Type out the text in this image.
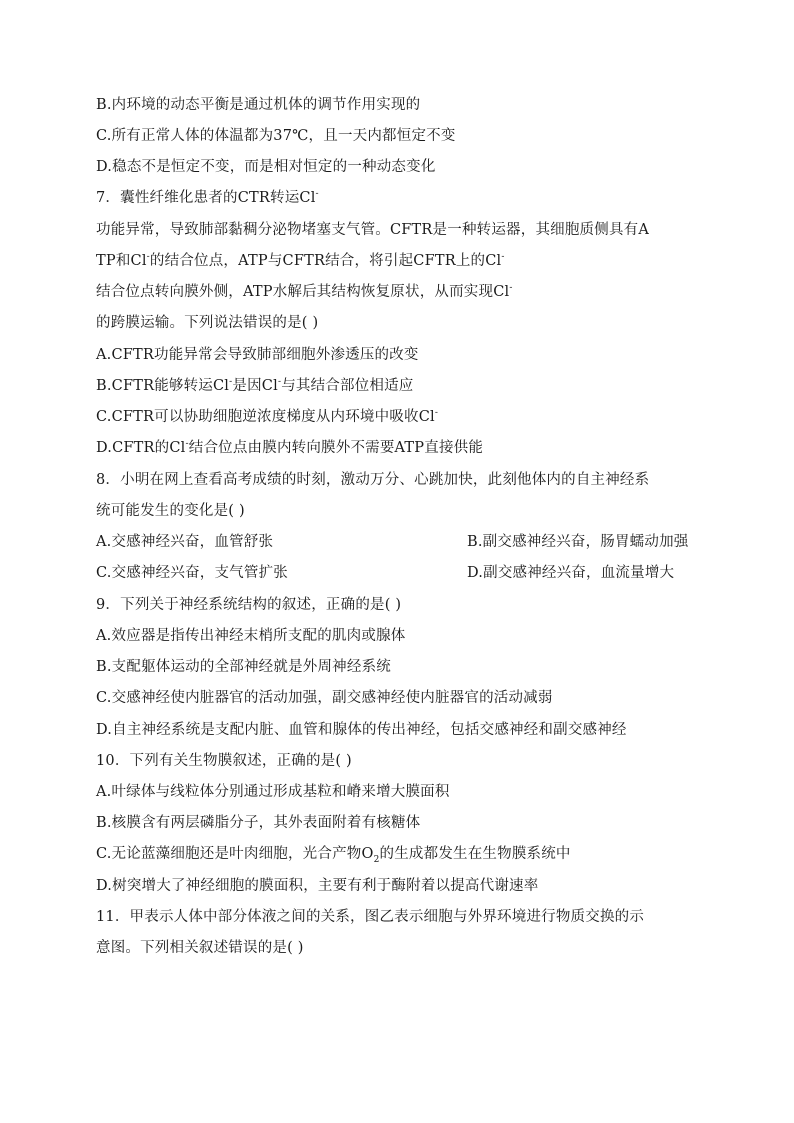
B.内环境的动态平衡是通过机体的调节作用实现的
C.所有正常人体的体温都为37℃，且一天内都恒定不变
D.稳态不是恒定不变，而是相对恒定的一种动态变化
7．囊性纤维化患者的CTR转运Cl-
功能异常，导致肺部黏稠分泌物堵塞支气管。CFTR是一种转运器，其细胞质侧具有A
TP和Cl-的结合位点，ATP与CFTR结合，将引起CFTR上的Cl-
结合位点转向膜外侧，ATP水解后其结构恢复原状，从而实现Cl-
的跨膜运输。下列说法错误的是( )
A.CFTR功能异常会导致肺部细胞外渗透压的改变
B.CFTR能够转运Cl-是因Cl-与其结合部位相适应
C.CFTR可以协助细胞逆浓度梯度从内环境中吸收Cl-
D.CFTR的Cl-结合位点由膜内转向膜外不需要ATP直接供能
8．小明在网上查看高考成绩的时刻，激动万分、心跳加快，此刻他体内的自主神经系
统可能发生的变化是( )
A.交感神经兴奋，血管舒张	B.副交感神经兴奋，肠胃蠕动加强
C.交感神经兴奋，支气管扩张	D.副交感神经兴奋，血流量增大
9．下列关于神经系统结构的叙述，正确的是( )
A.效应器是指传出神经末梢所支配的肌肉或腺体
B.支配躯体运动的全部神经就是外周神经系统
C.交感神经使内脏器官的活动加强，副交感神经使内脏器官的活动减弱
D.自主神经系统是支配内脏、血管和腺体的传出神经，包括交感神经和副交感神经
10．下列有关生物膜叙述，正确的是( )
A.叶绿体与线粒体分别通过形成基粒和嵴来增大膜面积
B.核膜含有两层磷脂分子，其外表面附着有核糖体
C.无论蓝藻细胞还是叶肉细胞，光合产物$O_2$的生成都发生在生物膜系统中
D.树突增大了神经细胞的膜面积，主要有利于酶附着以提高代谢速率
11．甲表示人体中部分体液之间的关系，图乙表示细胞与外界环境进行物质交换的示
意图。下列相关叙述错误的是( )
